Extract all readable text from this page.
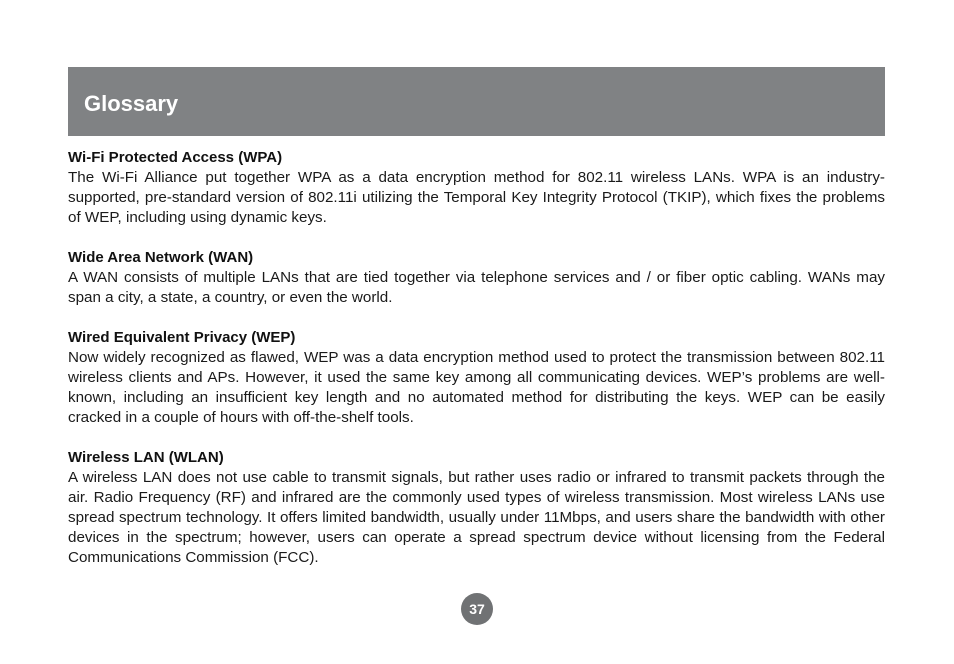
Glossary

Wi-Fi Protected Access (WPA)

The Wi-Fi Alliance put together WPA as a data encryption method for 802.11 wireless LANs. WPA is an industry-supported, pre-standard version of 802.11i utilizing the Temporal Key Integrity Protocol (TKIP), which fixes the problems of WEP, including using dynamic keys.

Wide Area Network (WAN)

A WAN consists of multiple LANs that are tied together via telephone services and / or fiber optic cabling. WANs may span a city, a state, a country, or even the world.

Wired Equivalent Privacy (WEP)

Now widely recognized as flawed, WEP was a data encryption method used to protect the transmission between 802.11 wireless clients and APs. However, it used the same key among all communicating devices. WEP’s problems are well-known, including an insufficient key length and no automated method for distributing the keys. WEP can be easily cracked in a couple of hours with off-the-shelf tools.

Wireless LAN (WLAN)

A wireless LAN does not use cable to transmit signals, but rather uses radio or infrared to transmit packets through the air. Radio Frequency (RF) and infrared are the commonly used types of wireless transmission. Most wireless LANs use spread spectrum technology. It offers limited bandwidth, usually under 11Mbps, and users share the bandwidth with other devices in the spectrum; however, users can operate a spread spectrum device without licensing from the Federal Communications Commission (FCC).

37
